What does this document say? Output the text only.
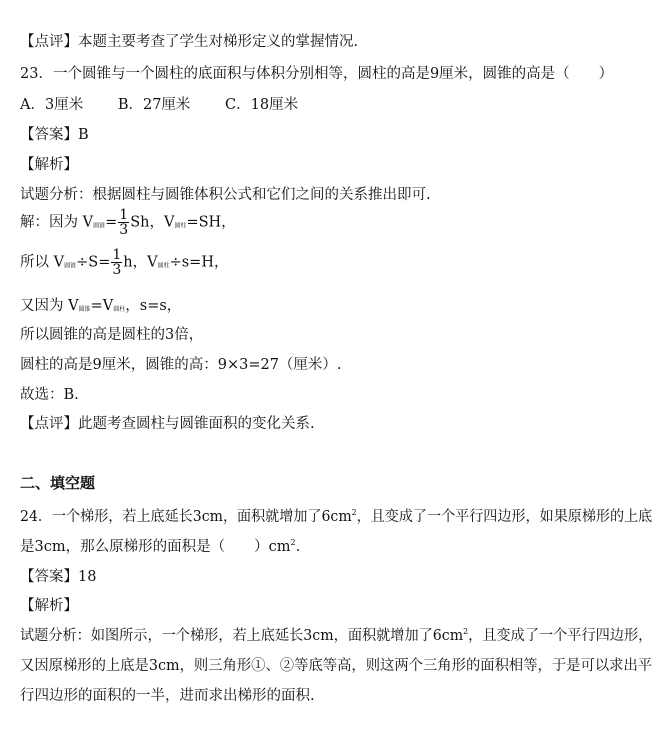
【点评】本题主要考查了学生对梯形定义的掌握情况.
23．一个圆锥与一个圆柱的底面积与体积分别相等，圆柱的高是9厘米，圆锥的高是（　　）
A．3厘米 B．27厘米 C．18厘米
【答案】B
【解析】
试题分析：根据圆柱与圆锥体积公式和它们之间的关系推出即可.
解：因为 V圆锥= $\frac{1}{3}$ Sh，V圆柱=SH，
所以 V圆锥$\div S= \frac{1}{3}$ h，V圆柱÷s=H，
又因为 V圆锥=V圆柱，s=s，
所以圆锥的高是圆柱的3倍，
圆柱的高是9厘米，圆锥的高：9×3=27（厘米）.
故选：B.
【点评】此题考查圆柱与圆锥面积的变化关系.
二、填空题
24．一个梯形，若上底延长3cm，面积就增加了$6cm^2$，且变成了一个平行四边形，如果原梯形的上底
是3cm，那么原梯形的面积是（　　）$cm^2$.
【答案】18
【解析】
试题分析：如图所示，一个梯形，若上底延长3cm，面积就增加了$6cm^2$，且变成了一个平行四边形，
又因原梯形的上底是3cm，则三角形①、②等底等高，则这两个三角形的面积相等，于是可以求出平
行四边形的面积的一半，进而求出梯形的面积.
